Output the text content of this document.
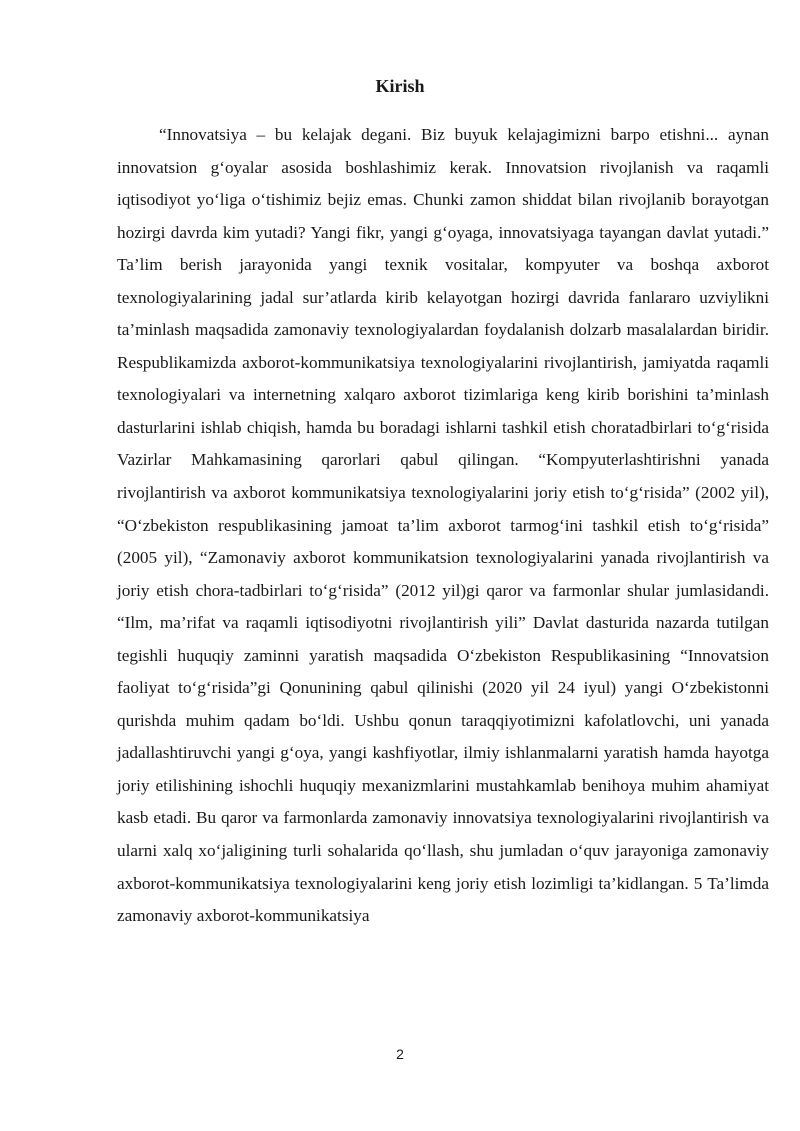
Kirish

“Innovatsiya – bu kelajak degani. Biz buyuk kelajagimizni barpo etishni... aynan innovatsion g‘oyalar asosida boshlashimiz kerak. Innovatsion rivojlanish va raqamli iqtisodiyot yo‘liga o‘tishimiz bejiz emas. Chunki zamon shiddat bilan rivojlanib borayotgan hozirgi davrda kim yutadi? Yangi fikr, yangi g‘oyaga, innovatsiyaga tayangan davlat yutadi.” Ta’lim berish jarayonida yangi texnik vositalar, kompyuter va boshqa axborot texnologiyalarining jadal sur’atlarda kirib kelayotgan hozirgi davrida fanlararo uzviylikni ta’minlash maqsadida zamonaviy texnologiyalardan foydalanish dolzarb masalalardan biridir. Respublikamizda axborot-kommunikatsiya texnologiyalarini rivojlantirish, jamiyatda raqamli texnologiyalari va internetning xalqaro axborot tizimlariga keng kirib borishini ta’minlash dasturlarini ishlab chiqish, hamda bu boradagi ishlarni tashkil etish choratadbirlari to‘g‘risida Vazirlar Mahkamasining qarorlari qabul qilingan. “Kompyuterlashtirishni yanada rivojlantirish va axborot kommunikatsiya texnologiyalarini joriy etish to‘g‘risida” (2002 yil), “O‘zbekiston respublikasining jamoat ta’lim axborot tarmog‘ini tashkil etish to‘g‘risida” (2005 yil), “Zamonaviy axborot kommunikatsion texnologiyalarini yanada rivojlantirish va joriy etish chora-tadbirlari to‘g‘risida” (2012 yil)gi qaror va farmonlar shular jumlasidandi. “Ilm, ma’rifat va raqamli iqtisodiyotni rivojlantirish yili” Davlat dasturida nazarda tutilgan tegishli huquqiy zaminni yaratish maqsadida O‘zbekiston Respublikasining “Innovatsion faoliyat to‘g‘risida”gi Qonunining qabul qilinishi (2020 yil 24 iyul) yangi O‘zbekistonni qurishda muhim qadam bo‘ldi. Ushbu qonun taraqqiyotimizni kafolatlovchi, uni yanada jadallashtiruvchi yangi g‘oya, yangi kashfiyotlar, ilmiy ishlanmalarni yaratish hamda hayotga joriy etilishining ishochli huquqiy mexanizmlarini mustahkamlab benihoya muhim ahamiyat kasb etadi. Bu qaror va farmonlarda zamonaviy innovatsiya texnologiyalarini rivojlantirish va ularni xalq xo‘jaligining turli sohalarida qo‘llash, shu jumladan o‘quv jarayoniga zamonaviy axborot-kommunikatsiya texnologiyalarini keng joriy etish lozimligi ta’kidlangan. 5 Ta’limda zamonaviy axborot-kommunikatsiya

2
